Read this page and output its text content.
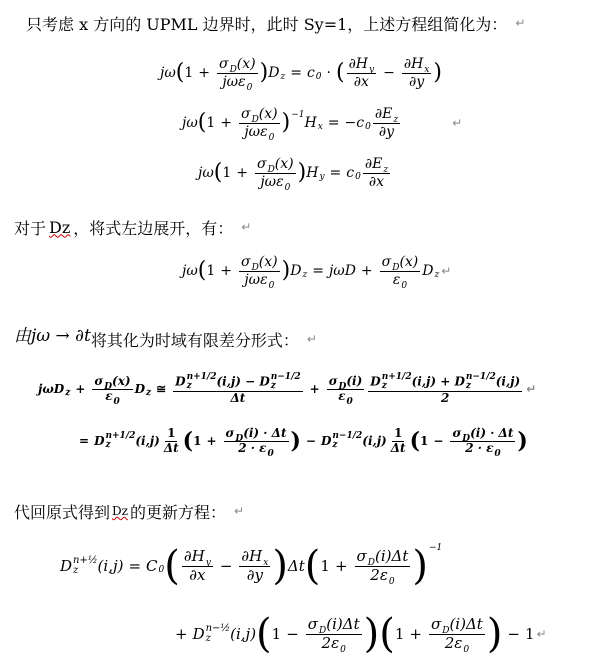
只考虑 x 方向的 UPML 边界时，此时 Sy=1，上述方程组简化为： ↵
jω ( $1 + \frac{\sigma_D(x)}{j\omega\varepsilon_0}$ ) D z = c 0 · ( $\frac{\partial H_y}{\partial x} - \frac{\partial H_x}{\partial y}$ )
jω ( $1 + \frac{\sigma_D(x)}{j\omega\varepsilon_0}$ ) −1 H x = −c $0 \frac{\partial E_z}{\partial y}$	↵
jω ( $1 + \frac{\sigma_D(x)}{j\omega\varepsilon_0}$ ) H y = c $0 \frac{\partial E_z}{\partial x}$
对于 Dz ，将式左边展开，有： ↵
jω ( $1 + \frac{\sigma_D(x)}{j\omega\varepsilon_0}$ ) D $z = j\omega D + \frac{\sigma_D(x)}{\varepsilon_0}$ D z ↵
由jω → ∂t 将其化为时域有限差分形式： ↵
jωD $z + \frac{\sigma_D(x)}{\varepsilon_0}$ D z ≅ D n+1/2
z	(i,j) − D n−1/2
z
$\Delta t + \frac{\sigma_D(i)}{\varepsilon_0}$ D n+1/2
z	(i,j) + D n−1/2
z	(i,j)
2 ↵
= D n+1/2
z	$(i,j) \frac{1}{\Delta t}$ ( $1 + \frac{\sigma_D(i) \cdot \Delta t}{2 \cdot \varepsilon_0}$ ) − D n−1/2
z	$(i,j) \frac{1}{\Delta t}$ ( $1 - \frac{\sigma_D(i) \cdot \Delta t}{2 \cdot \varepsilon_0}$ )
代回原式得到 Dz 的更新方程： ↵
D n+½
z	(i,j) = C 0 ( $\frac{\partial H_y}{\partial x} - \frac{\partial H_x}{\partial y}$ ) Δt ( $1 + \frac{\sigma_D(i)\Delta t}{2\varepsilon_0}$ ) −1
+ D n−½
z	(i,j) ( $1 - \frac{\sigma_D(i)\Delta t}{2\varepsilon_0}$ ) ( $1 + \frac{\sigma_D(i)\Delta t}{2\varepsilon_0}$ ) − 1 ↵
